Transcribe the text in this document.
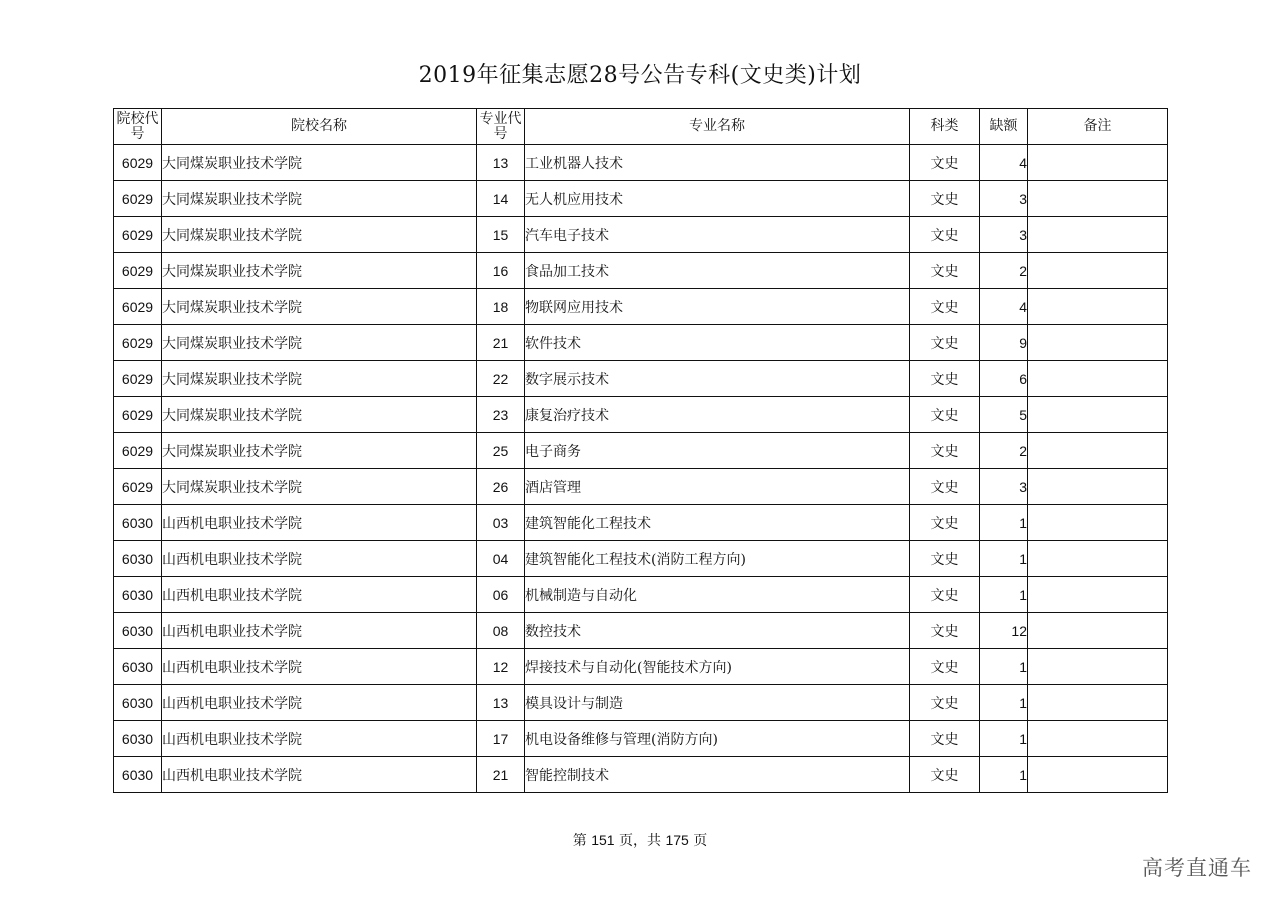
2019年征集志愿28号公告专科(文史类)计划
院校代号	院校名称	专业代号	专业名称	科类	缺额	备注
6029	大同煤炭职业技术学院	13	工业机器人技术	文史	4	
6029	大同煤炭职业技术学院	14	无人机应用技术	文史	3	
6029	大同煤炭职业技术学院	15	汽车电子技术	文史	3	
6029	大同煤炭职业技术学院	16	食品加工技术	文史	2	
6029	大同煤炭职业技术学院	18	物联网应用技术	文史	4	
6029	大同煤炭职业技术学院	21	软件技术	文史	9	
6029	大同煤炭职业技术学院	22	数字展示技术	文史	6	
6029	大同煤炭职业技术学院	23	康复治疗技术	文史	5	
6029	大同煤炭职业技术学院	25	电子商务	文史	2	
6029	大同煤炭职业技术学院	26	酒店管理	文史	3	
6030	山西机电职业技术学院	03	建筑智能化工程技术	文史	1	
6030	山西机电职业技术学院	04	建筑智能化工程技术(消防工程方向)	文史	1	
6030	山西机电职业技术学院	06	机械制造与自动化	文史	1	
6030	山西机电职业技术学院	08	数控技术	文史	12	
6030	山西机电职业技术学院	12	焊接技术与自动化(智能技术方向)	文史	1	
6030	山西机电职业技术学院	13	模具设计与制造	文史	1	
6030	山西机电职业技术学院	17	机电设备维修与管理(消防方向)	文史	1	
6030	山西机电职业技术学院	21	智能控制技术	文史	1	
第 151 页，共 175 页
高考直通车
